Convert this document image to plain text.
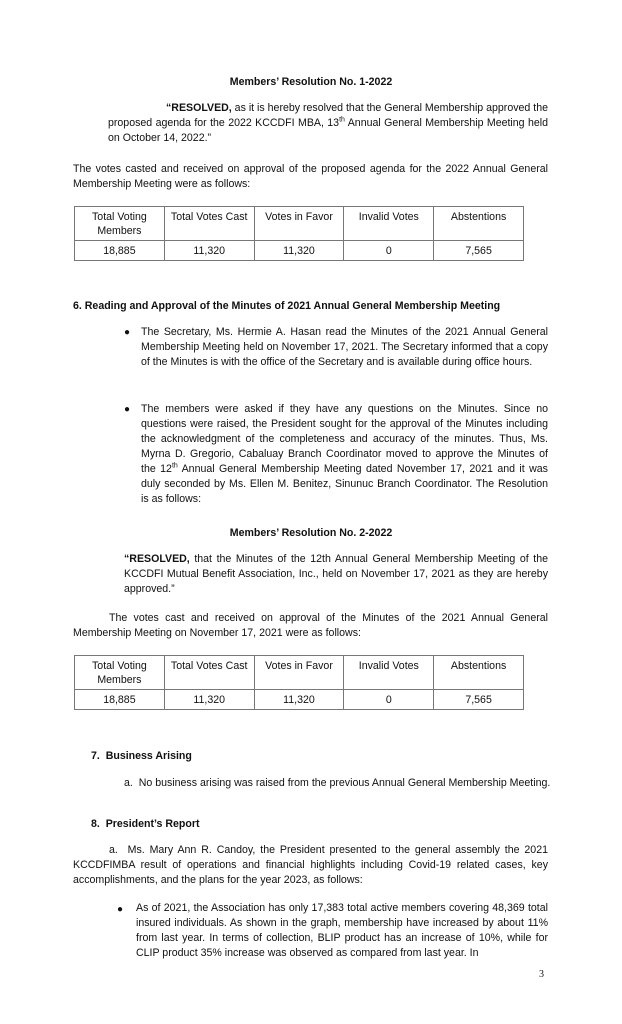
Members’ Resolution No. 1-2022
“RESOLVED, as it is hereby resolved that the General Membership approved the proposed agenda for the 2022 KCCDFI MBA, 13th Annual General Membership Meeting held on October 14, 2022.”
The votes casted and received on approval of the proposed agenda for the 2022 Annual General Membership Meeting were as follows:
Total Voting Members	Total Votes Cast	Votes in Favor	Invalid Votes	Abstentions
18,885	11,320	11,320	0	7,565
6. Reading and Approval of the Minutes of 2021 Annual General Membership Meeting
● The Secretary, Ms. Hermie A. Hasan read the Minutes of the 2021 Annual General Membership Meeting held on November 17, 2021. The Secretary informed that a copy of the Minutes is with the office of the Secretary and is available during office hours.
● The members were asked if they have any questions on the Minutes. Since no questions were raised, the President sought for the approval of the Minutes including the acknowledgment of the completeness and accuracy of the minutes. Thus, Ms. Myrna D. Gregorio, Cabaluay Branch Coordinator moved to approve the Minutes of the 12th Annual General Membership Meeting dated November 17, 2021 and it was duly seconded by Ms. Ellen M. Benitez, Sinunuc Branch Coordinator. The Resolution is as follows:
Members’ Resolution No. 2-2022
“RESOLVED, that the Minutes of the 12th Annual General Membership Meeting of the KCCDFI Mutual Benefit Association, Inc., held on November 17, 2021 as they are hereby approved.”
The votes cast and received on approval of the Minutes of the 2021 Annual General Membership Meeting on November 17, 2021 were as follows:
Total Voting Members	Total Votes Cast	Votes in Favor	Invalid Votes	Abstentions
18,885	11,320	11,320	0	7,565
7.  Business Arising
a.  No business arising was raised from the previous Annual General Membership Meeting.
8.  President’s Report
a.  Ms. Mary Ann R. Candoy, the President presented to the general assembly the 2021 KCCDFIMBA result of operations and financial highlights including Covid-19 related cases, key accomplishments, and the plans for the year 2023, as follows:
● As of 2021, the Association has only 17,383 total active members covering 48,369 total insured individuals. As shown in the graph, membership have increased by about 11% from last year. In terms of collection, BLIP product has an increase of 10%, while for CLIP product 35% increase was observed as compared from last year. In
3
